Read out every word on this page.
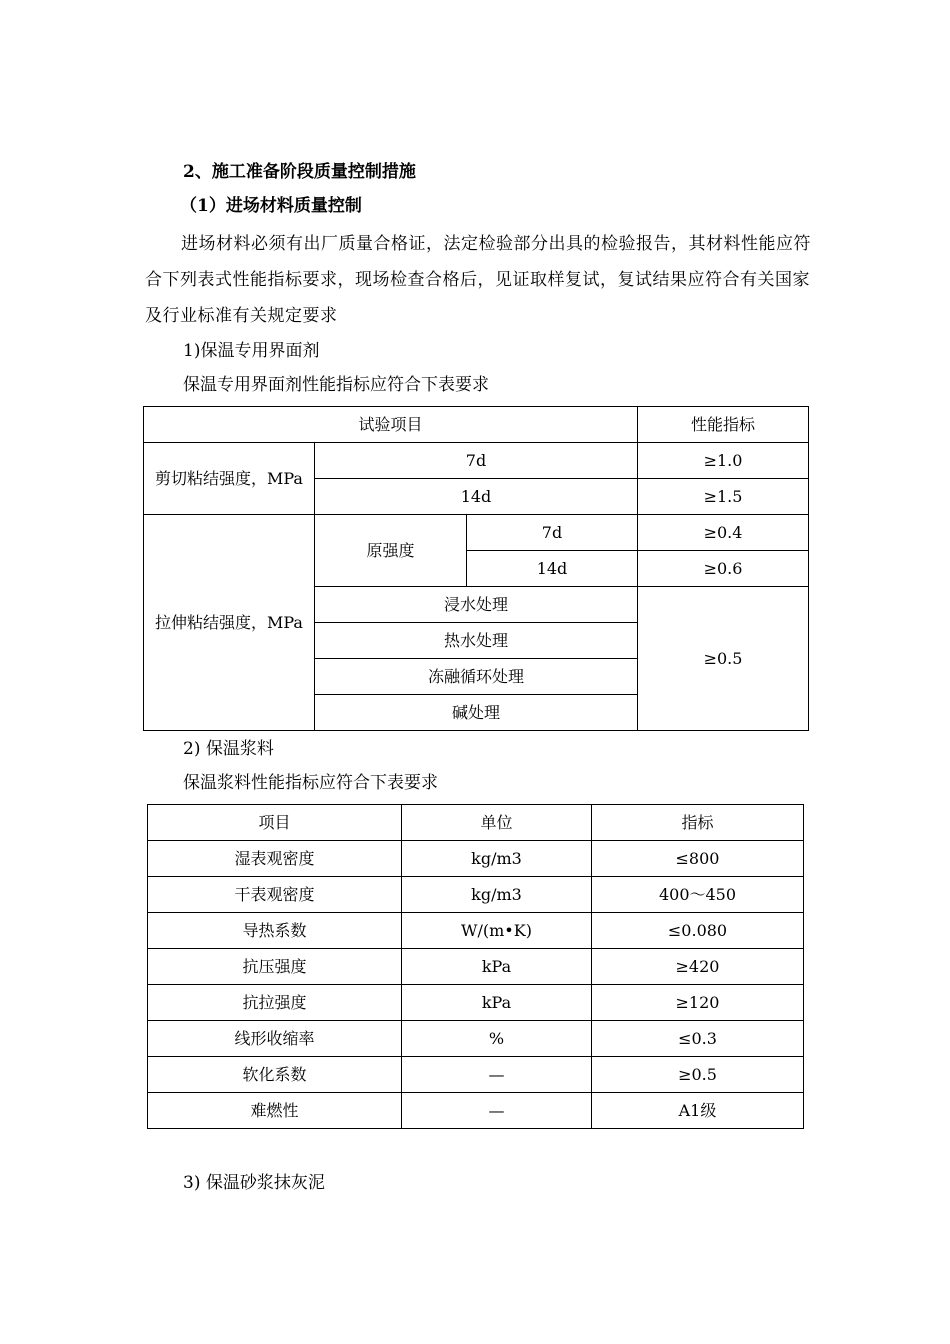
2、施工准备阶段质量控制措施
（1）进场材料质量控制
进场材料必须有出厂质量合格证，法定检验部分出具的检验报告，其材料性能应符合下列表式性能指标要求，现场检查合格后，见证取样复试，复试结果应符合有关国家及行业标准有关规定要求
1)保温专用界面剂
保温专用界面剂性能指标应符合下表要求
试验项目			性能指标
剪切粘结强度，MPa	7d		≥1.0
	14d		≥1.5
拉伸粘结强度，MPa	原强度	7d	≥0.4
		14d	≥0.6
	浸水处理		≥0.5
	热水处理		
	冻融循环处理		
	碱处理		
2) 保温浆料
保温浆料性能指标应符合下表要求
项目	单位	指标
湿表观密度	kg/m3	≤800
干表观密度	kg/m3	400～450
导热系数	W/(m•K)	≤0.080
抗压强度	kPa	≥420
抗拉强度	kPa	≥120
线形收缩率	%	≤0.3
软化系数	—	≥0.5
难燃性	—	A1级
3) 保温砂浆抹灰泥
